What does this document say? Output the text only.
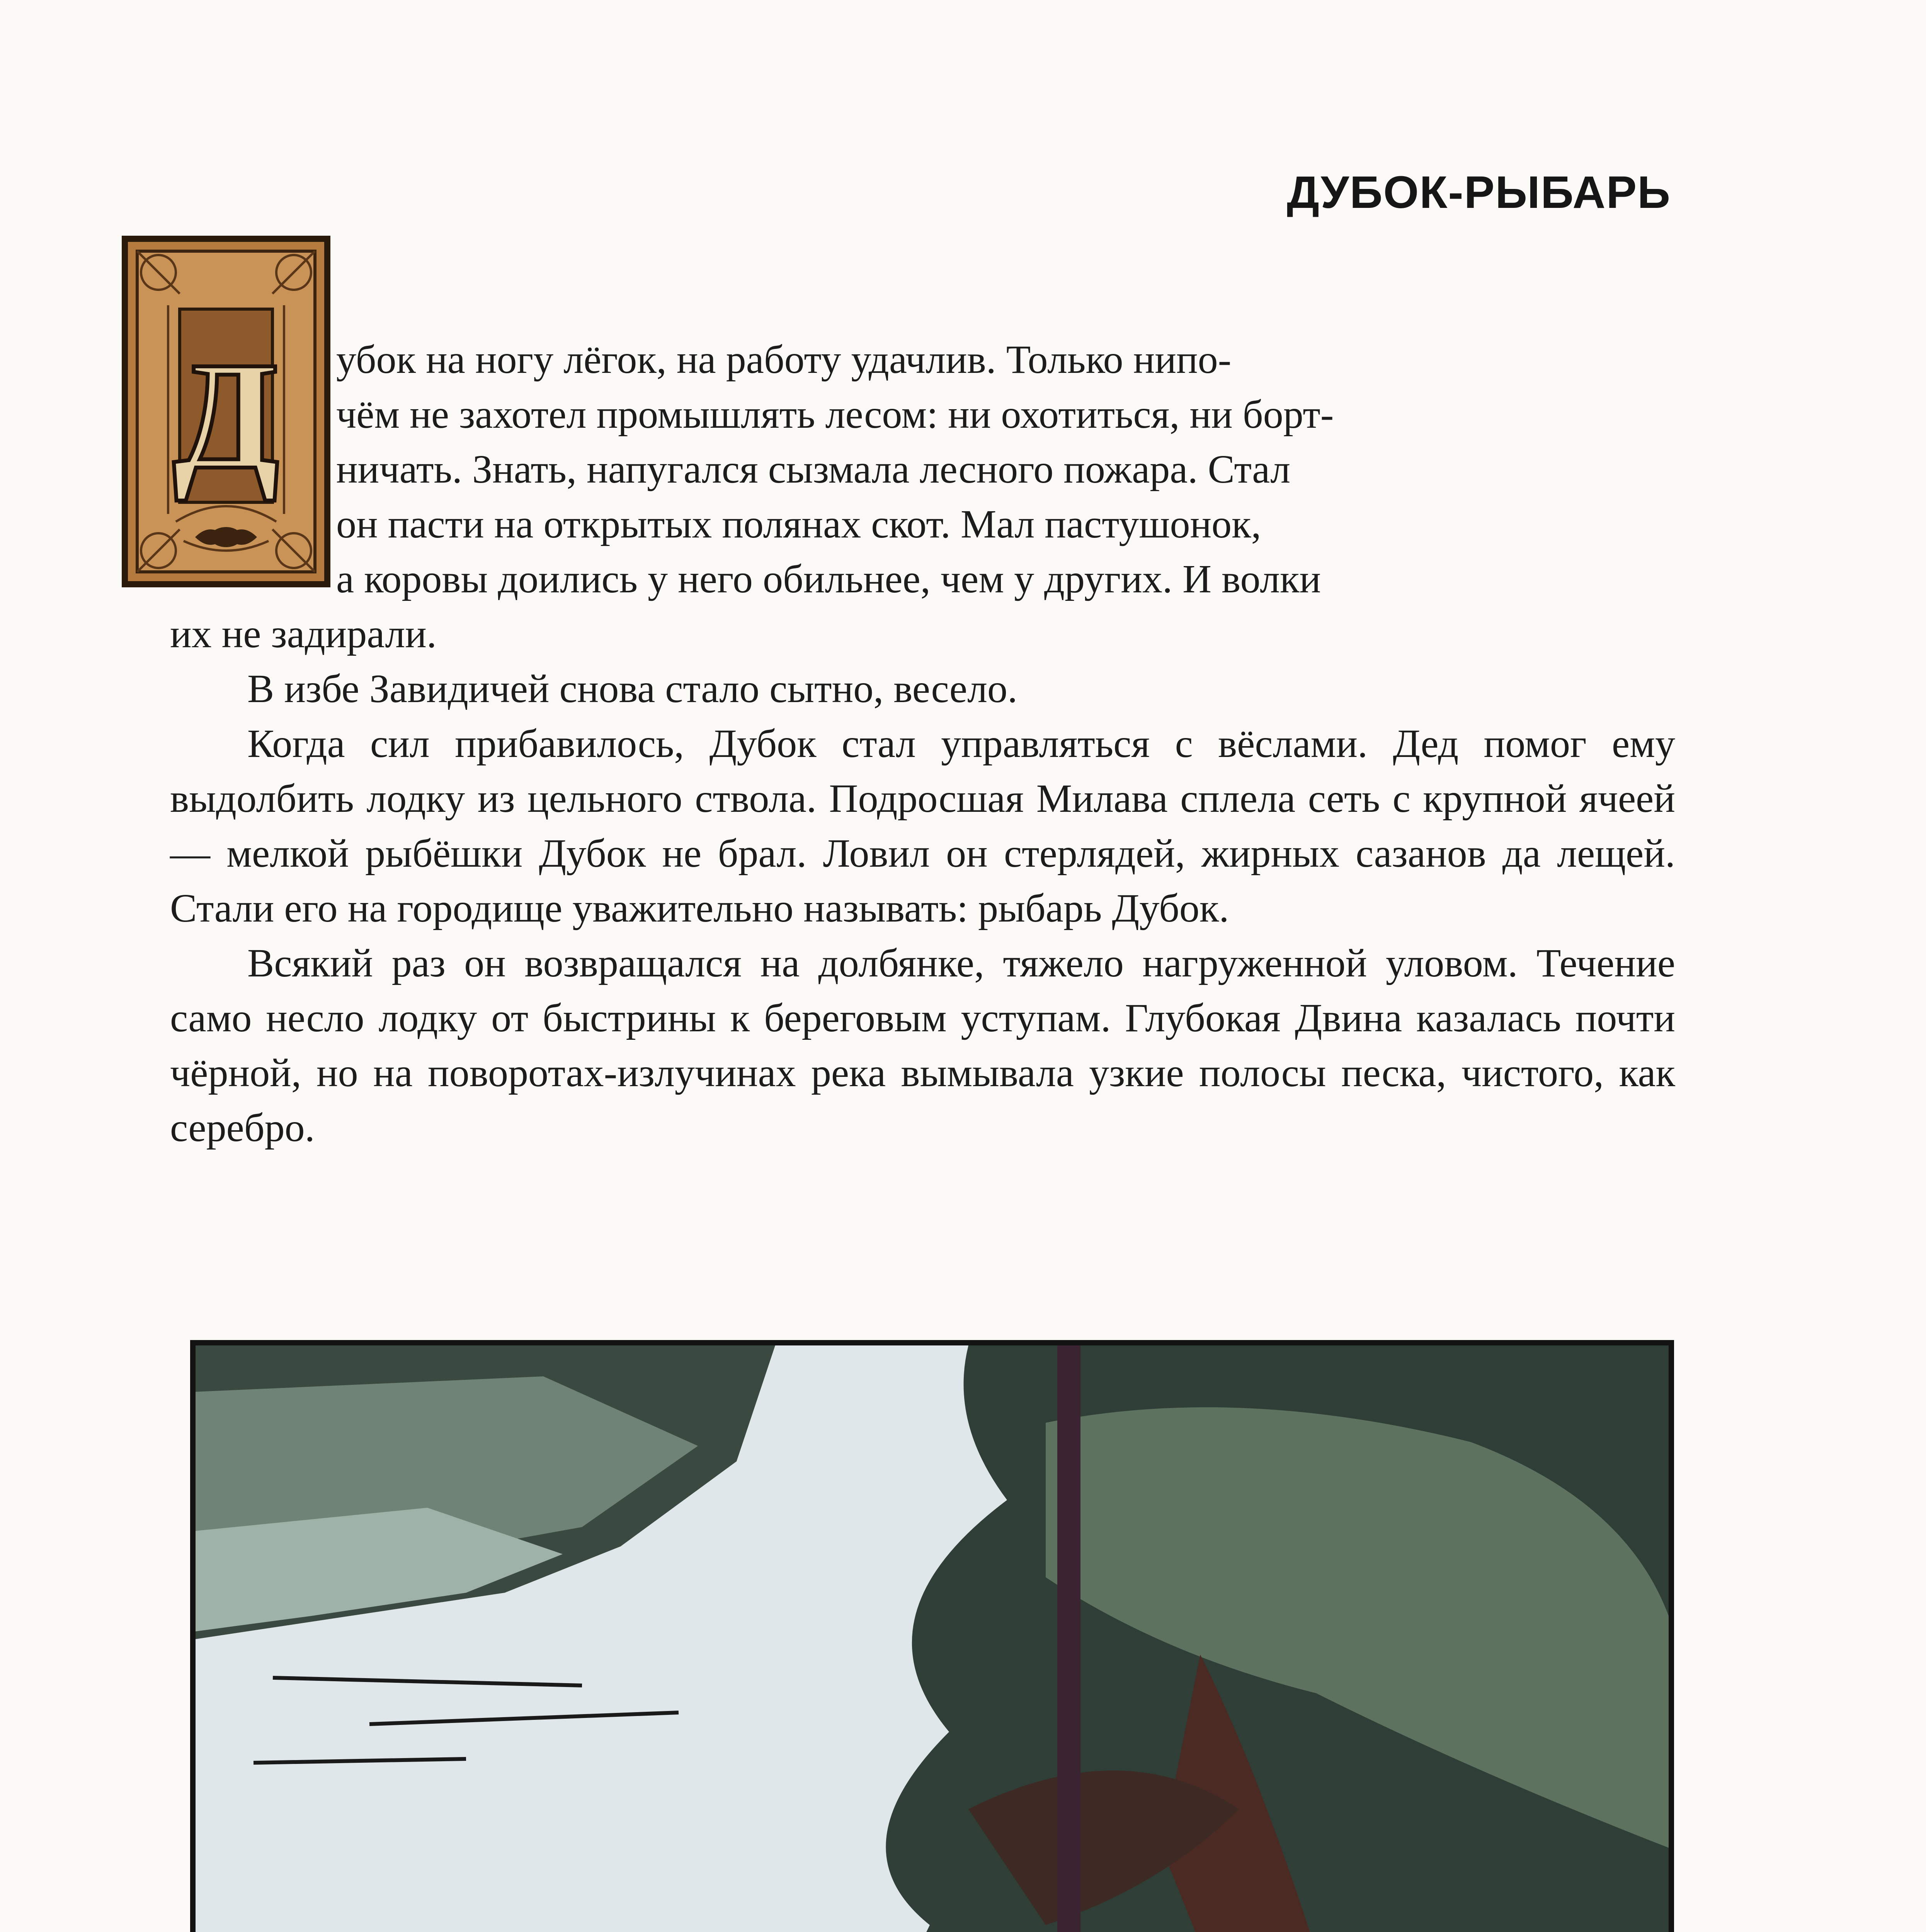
ДУБОК-РЫБАРЬ
Д убок на ногу лёгок, на работу удачлив. Только нипо-

чём не захотел промышлять лесом: ни охотиться, ни борт-

ничать. Знать, напугался сызмала лесного пожара. Стал

он пасти на открытых полянах скот. Мал пастушонок,

а коровы доились у него обильнее, чем у других. И волки

их не задирали.

В избе Завидичей снова стало сытно, весело.

Когда сил прибавилось, Дубок стал управляться с вёслами. Дед помог ему выдолбить лодку из цельного ствола. Подросшая Милава сплела сеть с крупной ячеей — мелкой рыбёшки Дубок не брал. Ловил он стерлядей, жирных сазанов да лещей. Стали его на городище уважительно называть: рыбарь Дубок.

Всякий раз он возвращался на долбянке, тяжело нагруженной уловом. Течение само несло лодку от быстрины к береговым уступам. Глубокая Двина казалась почти чёрной, но на поворотах-излучинах река вымывала узкие полосы песка, чистого, как серебро.
